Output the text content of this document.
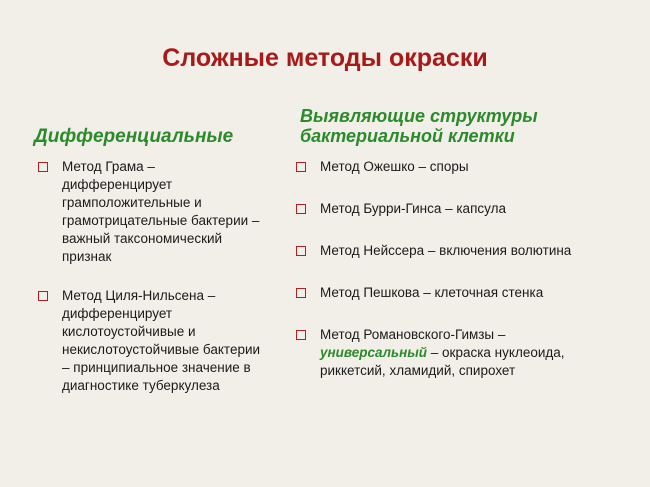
Сложные методы окраски
Дифференциальные
Выявляющие структуры
бактериальной клетки
Метод Грама – дифференцирует грамположительные и грамотрицательные бактерии – важный таксономический признак
Метод Циля-Нильсена – дифференцирует кислотоустойчивые и некислотоустойчивые бактерии – принципиальное значение в диагностике туберкулеза
Метод Ожешко – споры
Метод Бурри-Гинса – капсула
Метод Нейссера – включения волютина
Метод Пешкова – клеточная стенка
Метод Романовского-Гимзы – универсальный – окраска нуклеоида, риккетсий, хламидий, спирохет
